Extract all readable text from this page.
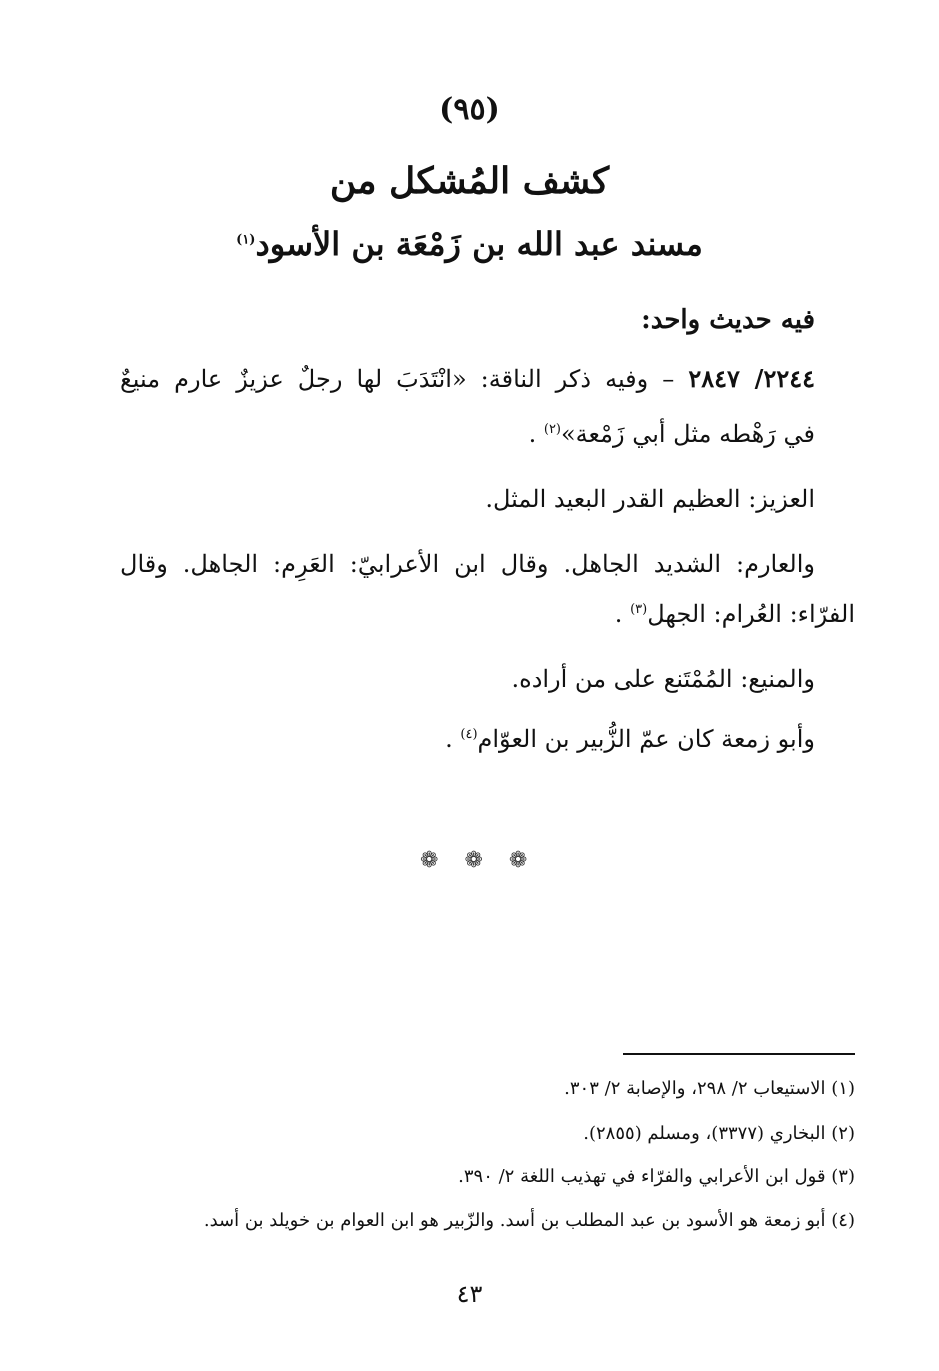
(٩٥)
كشف المُشكل من
مسند عبد الله بن زَمْعَة بن الأسود$^{(١)}$
فيه حديث واحد:
٢٢٤٤/ ٢٨٤٧ – وفيه ذكر الناقة: «انْتَدَبَ لها رجلٌ عزيزٌ عارم منيعٌ
في رَهْطه مثل أبي زَمْعة»$^{(٢)}$ .
العزيز: العظيم القدر البعيد المثل.
والعارم: الشديد الجاهل. وقال ابن الأعرابيّ: العَرِم: الجاهل. وقال
الفرّاء: العُرام: الجهل$^{(٣)}$ .
والمنيع: المُمْتَنع على من أراده.
وأبو زمعة كان عمّ الزُّبير بن العوّام$^{(٤)}$ .
❁ ❁ ❁
(١) الاستيعاب ٢/ ٢٩٨، والإصابة ٢/ ٣٠٣.
(٢) البخاري (٣٣٧٧)، ومسلم (٢٨٥٥).
(٣) قول ابن الأعرابي والفرّاء في تهذيب اللغة ٢/ ٣٩٠.
(٤) أبو زمعة هو الأسود بن عبد المطلب بن أسد. والزّبير هو ابن العوام بن خويلد بن أسد.
٤٣
